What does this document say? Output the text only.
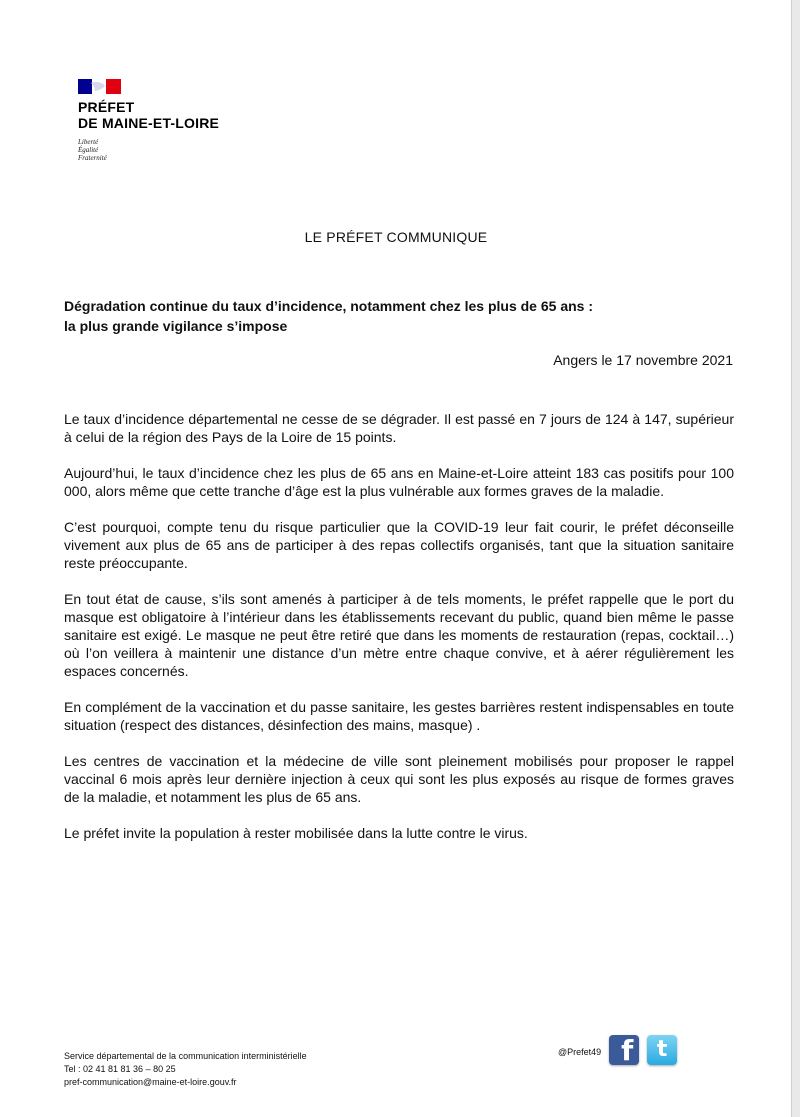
PRÉFET
DE MAINE-ET-LOIRE
Liberté
Égalité
Fraternité
LE PRÉFET COMMUNIQUE
Dégradation continue du taux d’incidence, notamment chez les plus de 65 ans :
la plus grande vigilance s’impose
Angers le 17 novembre 2021

Le taux d’incidence départemental ne cesse de se dégrader. Il est passé en 7 jours de 124 à 147, supérieur à celui de la région des Pays de la Loire de 15 points.

Aujourd’hui, le taux d’incidence chez les plus de 65 ans en Maine-et-Loire atteint 183 cas positifs pour 100 000, alors même que cette tranche d’âge est la plus vulnérable aux formes graves de la maladie.

C’est pourquoi, compte tenu du risque particulier que la COVID-19 leur fait courir, le préfet déconseille vivement aux plus de 65 ans de participer à des repas collectifs organisés, tant que la situation sanitaire reste préoccupante.

En tout état de cause, s’ils sont amenés à participer à de tels moments, le préfet rappelle que le port du masque est obligatoire à l’intérieur dans les établissements recevant du public, quand bien même le passe sanitaire est exigé. Le masque ne peut être retiré que dans les moments de restauration (repas, cocktail…) où l’on veillera à maintenir une distance d’un mètre entre chaque convive, et à aérer régulièrement les espaces concernés.

En complément de la vaccination et du passe sanitaire, les gestes barrières restent indispensables en toute situation (respect des distances, désinfection des mains, masque) .

Les centres de vaccination et la médecine de ville sont pleinement mobilisés pour proposer le rappel vaccinal 6 mois après leur dernière injection à ceux qui sont les plus exposés au risque de formes graves de la maladie, et notamment les plus de 65 ans.

Le préfet invite la population à rester mobilisée dans la lutte contre le virus.

Service départemental de la communication interministérielle
Tel : 02 41 81 81 36 – 80 25
pref-communication@maine-et-loire.gouv.fr
@Prefet49 f t
